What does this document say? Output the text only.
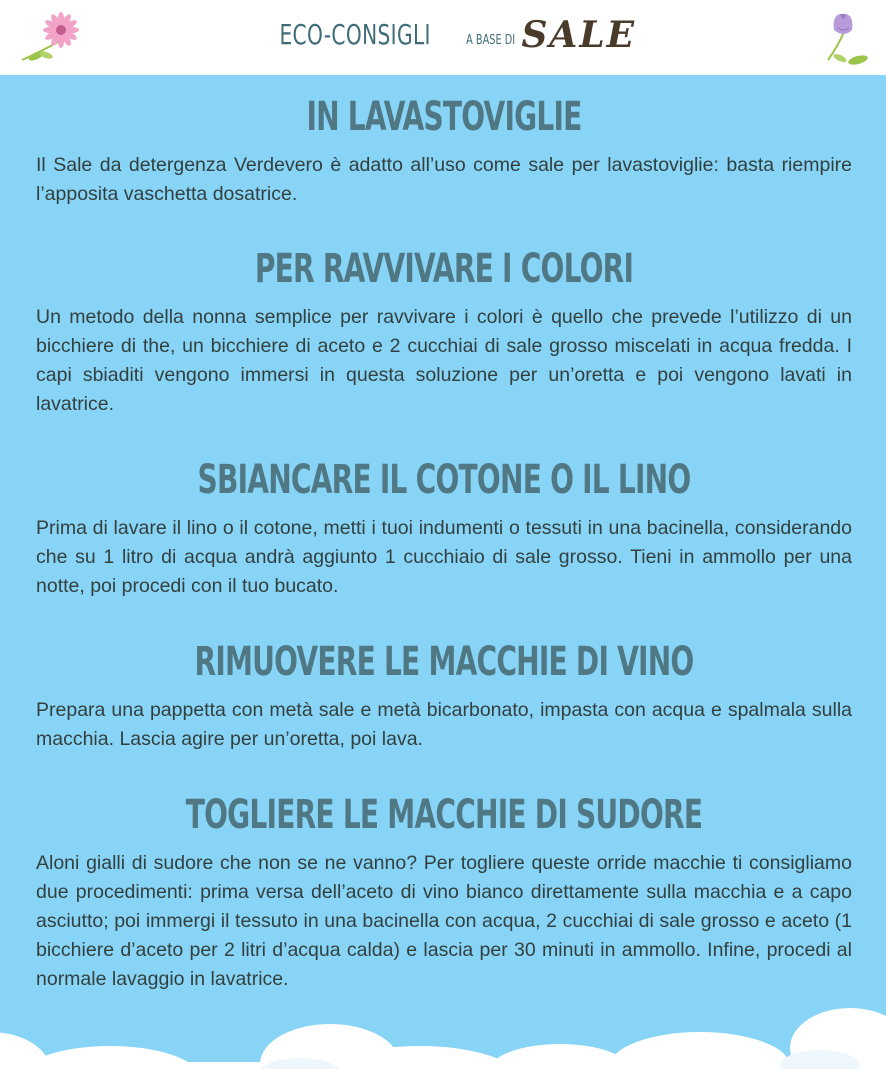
ECO-CONSIGLI	A BASE DI SALE
IN LAVASTOVIGLIE
Il Sale da detergenza Verdevero è adatto all’uso come sale per lavastoviglie: basta riempire l’apposita vaschetta dosatrice.
PER RAVVIVARE I COLORI
Un metodo della nonna semplice per ravvivare i colori è quello che prevede l’utilizzo di un bicchiere di the, un bicchiere di aceto e 2 cucchiai di sale grosso miscelati in acqua fredda. I capi sbiaditi vengono immersi in questa soluzione per un’oretta e poi vengono lavati in lavatrice.
SBIANCARE IL COTONE O IL LINO
Prima di lavare il lino o il cotone, metti i tuoi indumenti o tessuti in una bacinella, considerando che su 1 litro di acqua andrà aggiunto 1 cucchiaio di sale grosso. Tieni in ammollo per una notte, poi procedi con il tuo bucato.
RIMUOVERE LE MACCHIE DI VINO
Prepara una pappetta con metà sale e metà bicarbonato, impasta con acqua e spalmala sulla macchia. Lascia agire per un’oretta, poi lava.
TOGLIERE LE MACCHIE DI SUDORE
Aloni gialli di sudore che non se ne vanno? Per togliere queste orride macchie ti consigliamo due procedimenti: prima versa dell’aceto di vino bianco direttamente sulla macchia e a capo asciutto; poi immergi il tessuto in una bacinella con acqua, 2 cucchiai di sale grosso e aceto (1 bicchiere d’aceto per 2 litri d’acqua calda) e lascia per 30 minuti in ammollo. Infine, procedi al normale lavaggio in lavatrice.
